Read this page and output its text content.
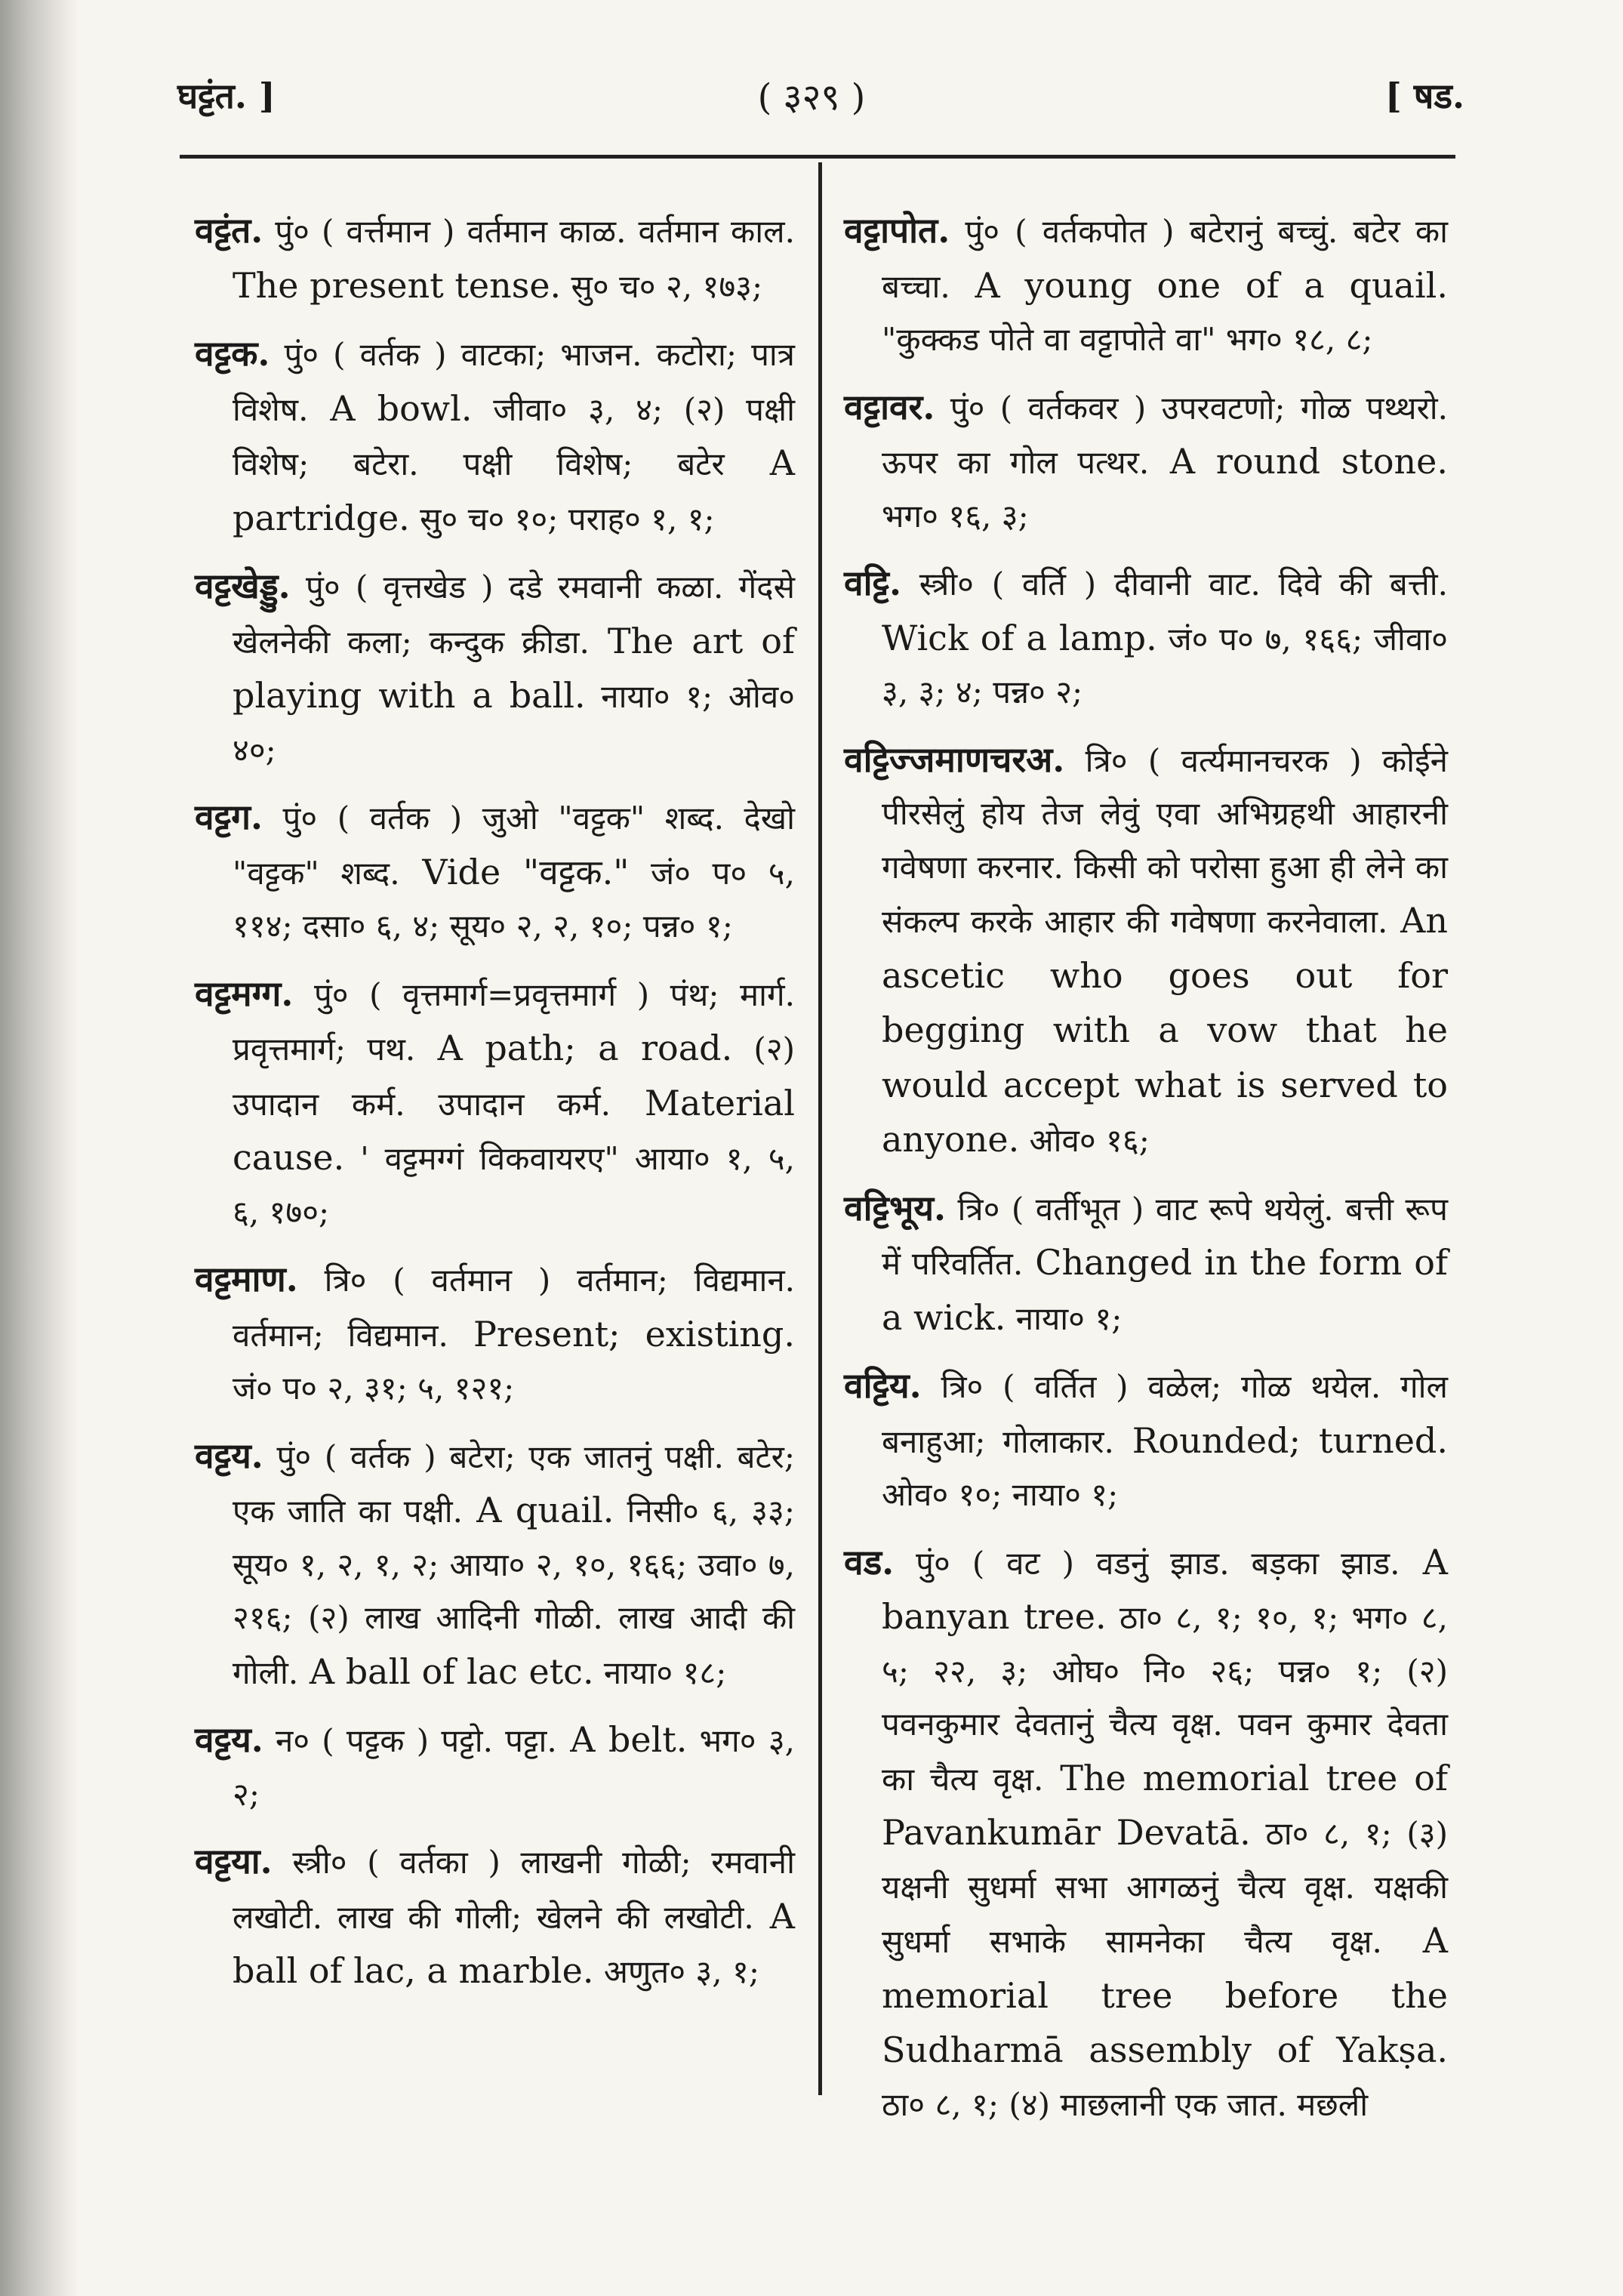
घट्टंत. ]	( ३२९ )	[ षड.

वट्टंत. पुं० ( वर्त्तमान ) वर्तमान काळ. वर्तमान काल. The present tense. सु० च० २, १७३;

वट्टक. पुं० ( वर्तक ) वाटका; भाजन. कटोरा; पात्र विशेष. A bowl. जीवा० ३, ४; (२) पक्षी विशेष; बटेरा. पक्षी विशेष; बटेर A partridge. सु० च० १०; पराह० १, १;

वट्टखेड्डु. पुं० ( वृत्तखेड ) दडे रमवानी कळा. गेंदसे खेलनेकी कला; कन्दुक क्रीडा. The art of playing with a ball. नाया० १; ओव० ४०;

वट्टग. पुं० ( वर्तक ) जुओ "वट्टक" शब्द. देखो "वट्टक" शब्द. Vide "वट्टक." जं० प० ५, ११४; दसा० ६, ४; सूय० २, २, १०; पन्न० १;

वट्टमग्ग. पुं० ( वृत्तमार्ग=प्रवृत्तमार्ग ) पंथ; मार्ग. प्रवृत्तमार्ग; पथ. A path; a road. (२) उपादान कर्म. उपादान कर्म. Material cause. ' वट्टमग्गं विकवायरए" आया० १, ५, ६, १७०;

वट्टमाण. त्रि० ( वर्तमान ) वर्तमान; विद्यमान. वर्तमान; विद्यमान. Present; existing. जं० प० २, ३१; ५, १२१;

वट्टय. पुं० ( वर्तक ) बटेरा; एक जातनुं पक्षी. बटेर; एक जाति का पक्षी. A quail. निसी० ६, ३३; सूय० १, २, १, २; आया० २, १०, १६६; उवा० ७, २१६; (२) लाख आदिनी गोळी. लाख आदी की गोली. A ball of lac etc. नाया० १८;

वट्टय. न० ( पट्टक ) पट्टो. पट्टा. A belt. भग० ३, २;

वट्टया. स्त्री० ( वर्तका ) लाखनी गोळी; रमवानी लखोटी. लाख की गोली; खेलने की लखोटी. A ball of lac, a marble. अणुत० ३, १;

वट्टापोत. पुं० ( वर्तकपोत ) बटेरानुं बच्चुं. बटेर का बच्चा. A young one of a quail. "कुक्कड पोते वा वट्टापोते वा" भग० १८, ८;

वट्टावर. पुं० ( वर्तकवर ) उपरवटणो; गोळ पथ्थरो. ऊपर का गोल पत्थर. A round stone. भग० १६, ३;

वट्टि. स्त्री० ( वर्ति ) दीवानी वाट. दिवे की बत्ती. Wick of a lamp. जं० प० ७, १६६; जीवा० ३, ३; ४; पन्न० २;

वट्टिज्जमाणचरअ. त्रि० ( वर्त्यमानचरक ) कोईने पीरसेलुं होय तेज लेवुं एवा अभिग्रहथी आहारनी गवेषणा करनार. किसी को परोसा हुआ ही लेने का संकल्प करके आहार की गवेषणा करनेवाला. An ascetic who goes out for begging with a vow that he would accept what is served to anyone. ओव० १६;

वट्टिभूय. त्रि० ( वर्तीभूत ) वाट रूपे थयेलुं. बत्ती रूप में परिवर्तित. Changed in the form of a wick. नाया० १;

वट्टिय. त्रि० ( वर्तित ) वळेल; गोळ थयेल. गोल बनाहुआ; गोलाकार. Rounded; turned. ओव० १०; नाया० १;

वड. पुं० ( वट ) वडनुं झाड. बड़का झाड. A banyan tree. ठा० ८, १; १०, १; भग० ८, ५; २२, ३; ओघ० नि० २६; पन्न० १; (२) पवनकुमार देवतानुं चैत्य वृक्ष. पवन कुमार देवता का चैत्य वृक्ष. The memorial tree of Pavankumār Devatā. ठा० ८, १; (३) यक्षनी सुधर्मा सभा आगळनुं चैत्य वृक्ष. यक्षकी सुधर्मा सभाके सामनेका चैत्य वृक्ष. A memorial tree before the Sudharmā assembly of Yakṣa. ठा० ८, १; (४) माछलानी एक जात. मछली
